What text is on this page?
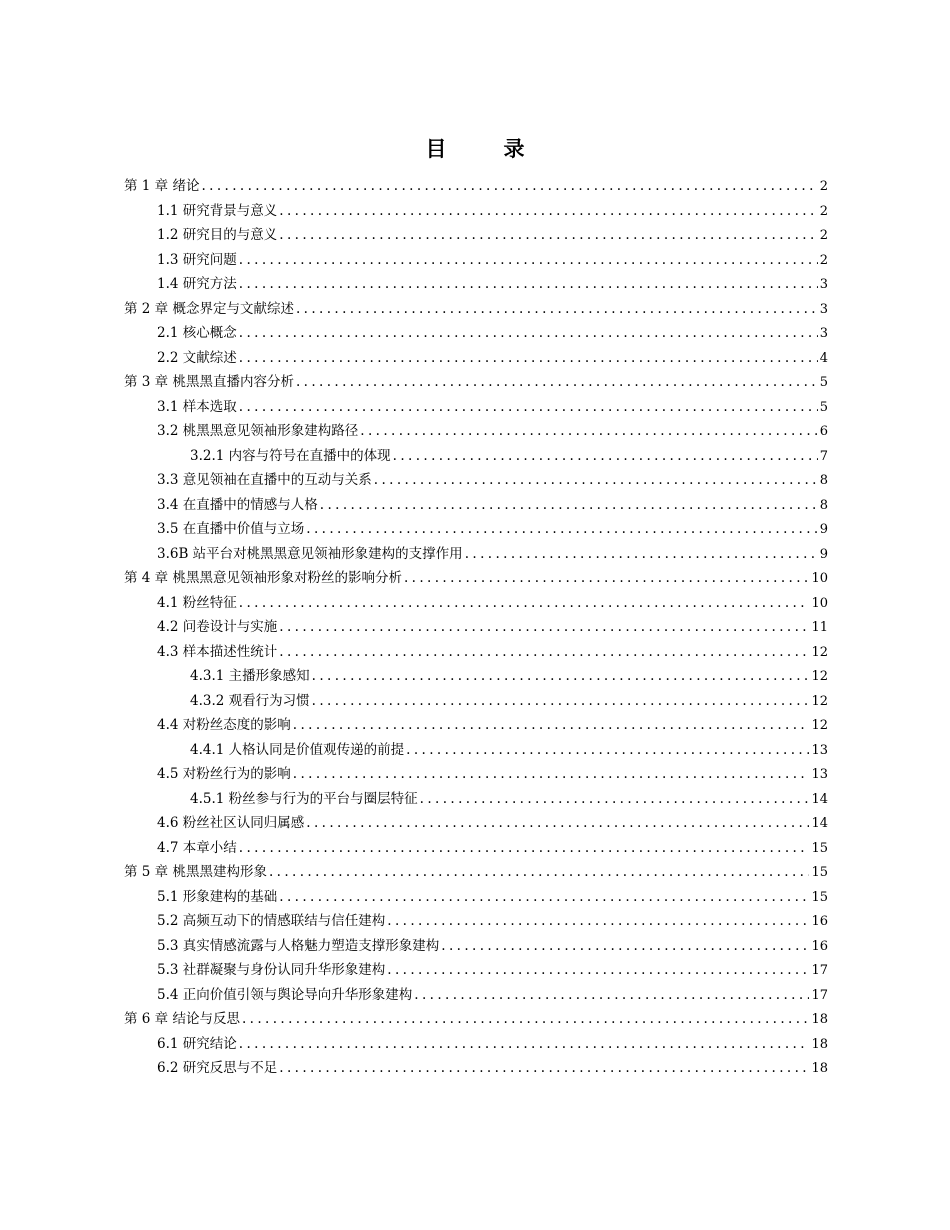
目　录
第 1 章 绪论 .....	2
1.1 研究背景与意义 .....	2
1.2 研究目的与意义 .....	2
1.3 研究问题 .....	2
1.4 研究方法 .....	3
第 2 章 概念界定与文献综述 .....	3
2.1 核心概念 .....	3
2.2 文献综述 .....	4
第 3 章 桃黑黑直播内容分析 .....	5
3.1 样本选取 .....	5
3.2 桃黑黑意见领袖形象建构路径 .....	6
3.2.1 内容与符号在直播中的体现 .....	7
3.3 意见领袖在直播中的互动与关系 .....	8
3.4 在直播中的情感与人格 .....	8
3.5 在直播中价值与立场 .....	9
3.6B 站平台对桃黑黑意见领袖形象建构的支撑作用 .....	9
第 4 章 桃黑黑意见领袖形象对粉丝的影响分析 .....	10
4.1 粉丝特征 .....	10
4.2 问卷设计与实施 .....	11
4.3 样本描述性统计 .....	12
4.3.1 主播形象感知 .....	12
4.3.2 观看行为习惯 .....	12
4.4 对粉丝态度的影响 .....	12
4.4.1 人格认同是价值观传递的前提 .....	13
4.5 对粉丝行为的影响 .....	13
4.5.1 粉丝参与行为的平台与圈层特征 .....	14
4.6 粉丝社区认同归属感 .....	14
4.7 本章小结 .....	15
第 5 章 桃黑黑建构形象 .....	15
5.1 形象建构的基础 .....	15
5.2 高频互动下的情感联结与信任建构 .....	16
5.3 真实情感流露与人格魅力塑造支撑形象建构 .....	16
5.3 社群凝聚与身份认同升华形象建构 .....	17
5.4 正向价值引领与舆论导向升华形象建构 .....	17
第 6 章 结论与反思 .....	18
6.1 研究结论 .....	18
6.2 研究反思与不足 .....	18
